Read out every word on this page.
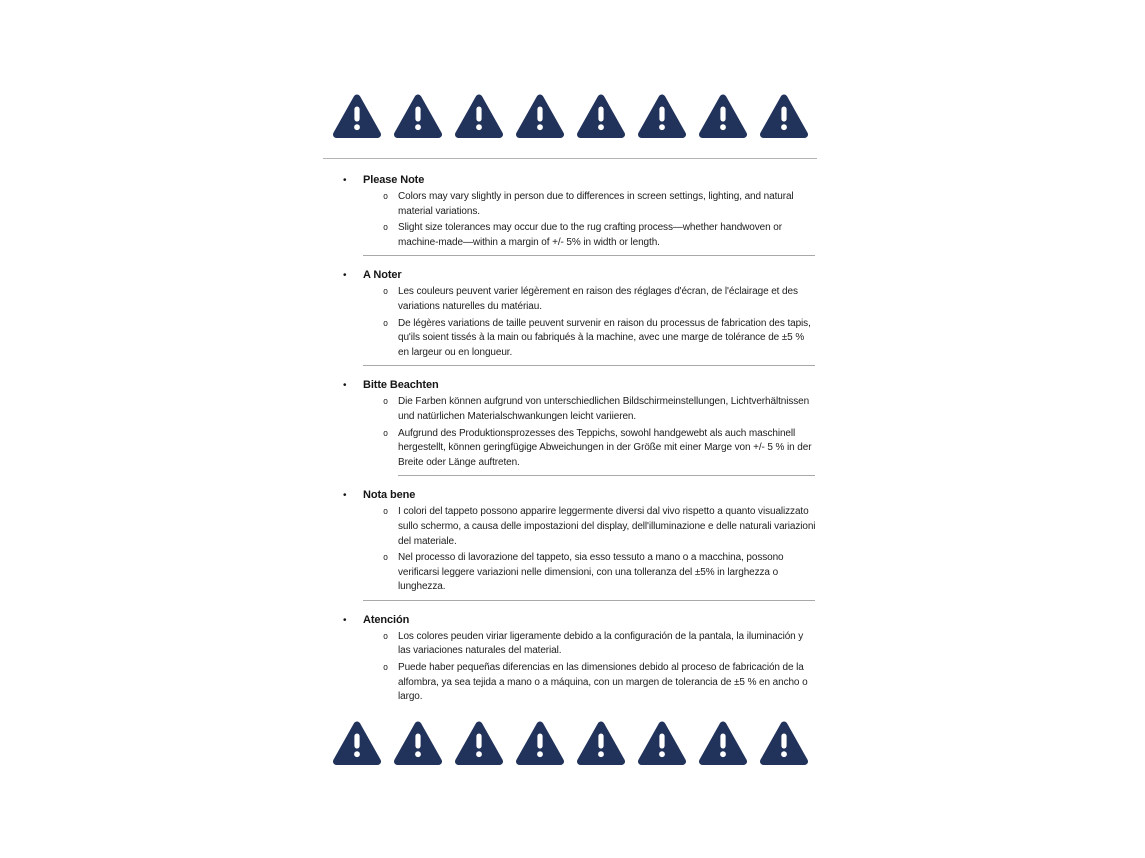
•	Please Note
o Colors may vary slightly in person due to differences in screen settings, lighting, and natural material variations.
o Slight size tolerances may occur due to the rug crafting process—whether handwoven or machine-made—within a margin of +/- 5% in width or length.
•	A Noter
o Les couleurs peuvent varier légèrement en raison des réglages d'écran, de l'éclairage et des variations naturelles du matériau.
o De légères variations de taille peuvent survenir en raison du processus de fabrication des tapis, qu'ils soient tissés à la main ou fabriqués à la machine, avec une marge de tolérance de ±5 % en largeur ou en longueur.
•	Bitte Beachten
o Die Farben können aufgrund von unterschiedlichen Bildschirmeinstellungen, Lichtverhältnissen und natürlichen Materialschwankungen leicht variieren.
o Aufgrund des Produktionsprozesses des Teppichs, sowohl handgewebt als auch maschinell hergestellt, können geringfügige Abweichungen in der Größe mit einer Marge von +/- 5 % in der Breite oder Länge auftreten.
•	Nota bene
o I colori del tappeto possono apparire leggermente diversi dal vivo rispetto a quanto visualizzato sullo schermo, a causa delle impostazioni del display, dell'illuminazione e delle naturali variazioni del materiale.
o Nel processo di lavorazione del tappeto, sia esso tessuto a mano o a macchina, possono verificarsi leggere variazioni nelle dimensioni, con una tolleranza del ±5% in larghezza o lunghezza.
•	Atención
o Los colores peuden viriar ligeramente debido a la configuración de la pantala, la iluminación y las variaciones naturales del material.
o Puede haber pequeñas diferencias en las dimensiones debido al proceso de fabricación de la alfombra, ya sea tejida a mano o a máquina, con un margen de tolerancia de ±5 % en ancho o largo.
